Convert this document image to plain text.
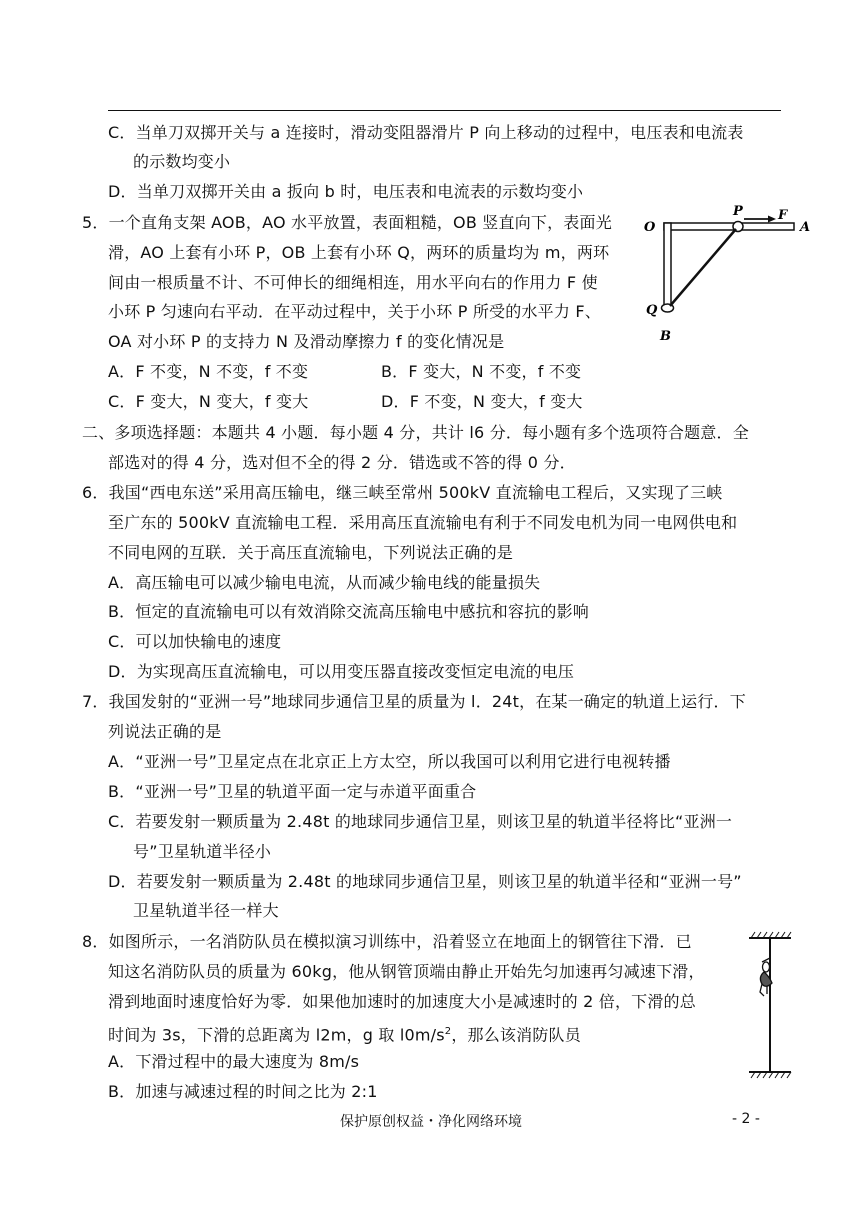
C．当单刀双掷开关与 a 连接时，滑动变阻器滑片 P 向上移动的过程中，电压表和电流表
的示数均变小
D．当单刀双掷开关由 a 扳向 b 时，电压表和电流表的示数均变小
5．一个直角支架 AOB，AO 水平放置，表面粗糙，OB 竖直向下，表面光
滑，AO 上套有小环 P，OB 上套有小环 Q，两环的质量均为 m，两环
间由一根质量不计、不可伸长的细绳相连，用水平向右的作用力 F 使
小环 P 匀速向右平动．在平动过程中，关于小环 P 所受的水平力 F、
OA 对小环 P 的支持力 N 及滑动摩擦力 f 的变化情况是
A．F 不变，N 不变，f 不变	B．F 变大，N 不变，f 不变
C．F 变大，N 变大，f 变大	D．F 不变，N 变大，f 变大
O
P	F
A
Q
B
二、多项选择题：本题共 4 小题．每小题 4 分，共计 l6 分．每小题有多个选项符合题意．全
部选对的得 4 分，选对但不全的得 2 分．错选或不答的得 0 分．
6．我国“西电东送”采用高压输电，继三峡至常州 500kV 直流输电工程后，又实现了三峡
至广东的 500kV 直流输电工程．采用高压直流输电有利于不同发电机为同一电网供电和
不同电网的互联．关于高压直流输电，下列说法正确的是
A．高压输电可以减少输电电流，从而减少输电线的能量损失
B．恒定的直流输电可以有效消除交流高压输电中感抗和容抗的影响
C．可以加快输电的速度
D．为实现高压直流输电，可以用变压器直接改变恒定电流的电压
7．我国发射的“亚洲一号”地球同步通信卫星的质量为 l．24t，在某一确定的轨道上运行．下
列说法正确的是
A．“亚洲一号”卫星定点在北京正上方太空，所以我国可以利用它进行电视转播
B．“亚洲一号”卫星的轨道平面一定与赤道平面重合
C．若要发射一颗质量为 2.48t 的地球同步通信卫星，则该卫星的轨道半径将比“亚洲一
号”卫星轨道半径小
D．若要发射一颗质量为 2.48t 的地球同步通信卫星，则该卫星的轨道半径和“亚洲一号”
卫星轨道半径一样大
8．如图所示，一名消防队员在模拟演习训练中，沿着竖立在地面上的钢管往下滑．已
知这名消防队员的质量为 60kg，他从钢管顶端由静止开始先匀加速再匀减速下滑，
滑到地面时速度恰好为零．如果他加速时的加速度大小是减速时的 2 倍，下滑的总
时间为 3s，下滑的总距离为 l2m，g 取 $l0m/s^2$，那么该消防队员
A．下滑过程中的最大速度为 8m/s
B．加速与减速过程的时间之比为 2:1
保护原创权益・净化网络环境	- 2 -
